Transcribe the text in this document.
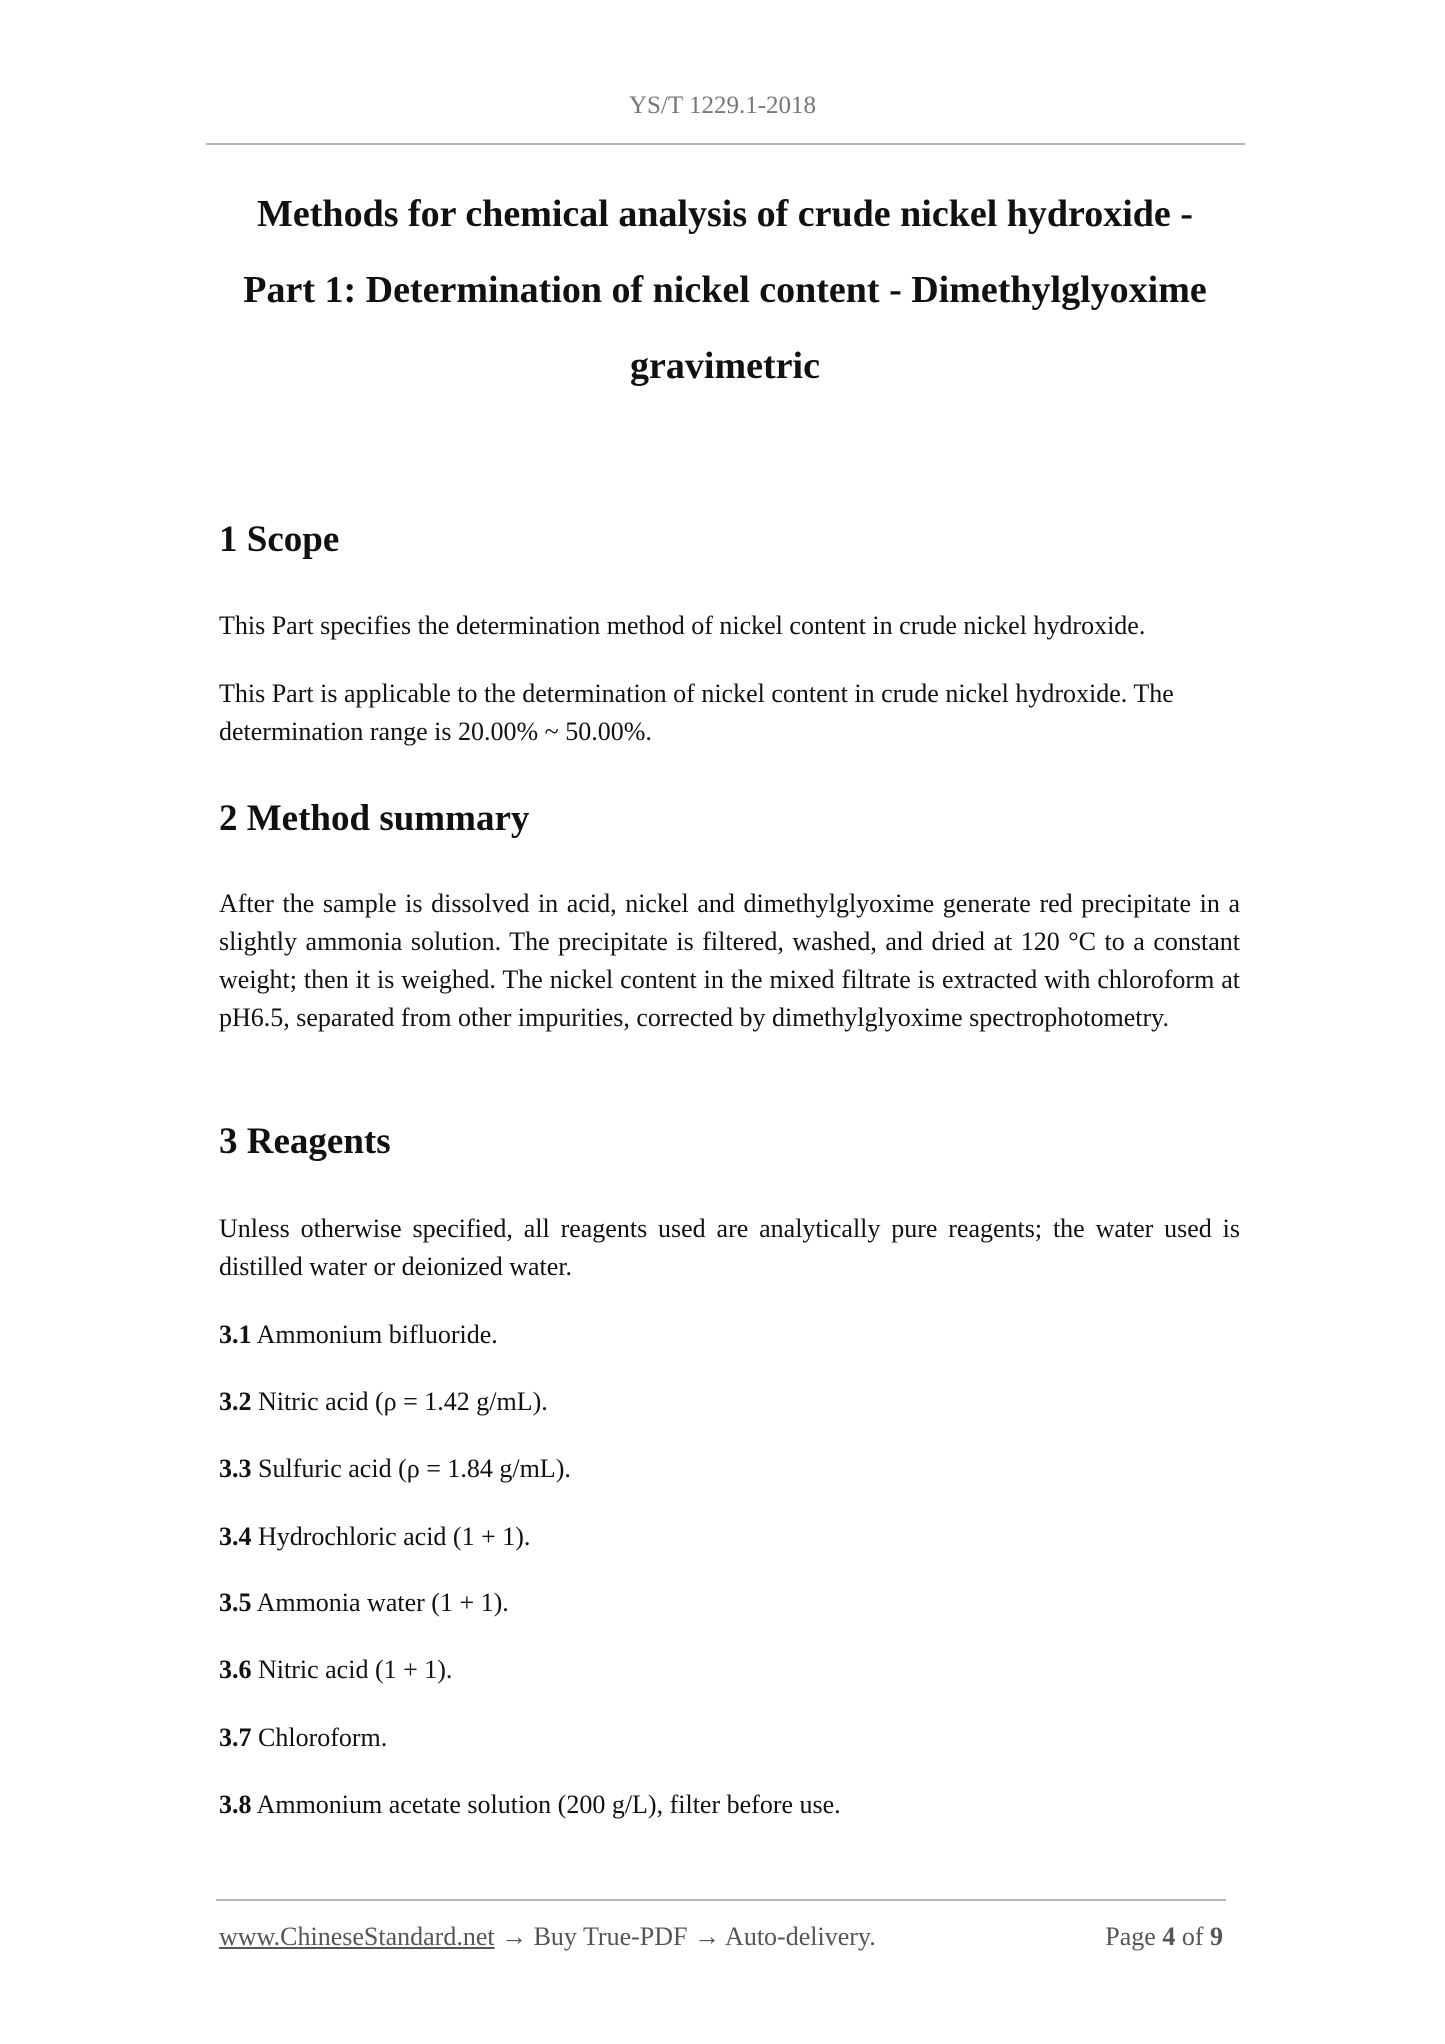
YS/T 1229.1-2018
Methods for chemical analysis of crude nickel hydroxide -
Part 1: Determination of nickel content - Dimethylglyoxime
gravimetric
1 Scope
This Part specifies the determination method of nickel content in crude nickel hydroxide.
This Part is applicable to the determination of nickel content in crude nickel hydroxide. The determination range is 20.00% ~ 50.00%.
2 Method summary
After the sample is dissolved in acid, nickel and dimethylglyoxime generate red precipitate in a slightly ammonia solution. The precipitate is filtered, washed, and dried at 120 °C to a constant weight; then it is weighed. The nickel content in the mixed filtrate is extracted with chloroform at pH6.5, separated from other impurities, corrected by dimethylglyoxime spectrophotometry.
3 Reagents
Unless otherwise specified, all reagents used are analytically pure reagents; the water used is distilled water or deionized water.
3.1 Ammonium bifluoride.
3.2 Nitric acid (ρ = 1.42 g/mL).
3.3 Sulfuric acid (ρ = 1.84 g/mL).
3.4 Hydrochloric acid (1 + 1).
3.5 Ammonia water (1 + 1).
3.6 Nitric acid (1 + 1).
3.7 Chloroform.
3.8 Ammonium acetate solution (200 g/L), filter before use.
www.ChineseStandard.net → Buy True-PDF → Auto-delivery.	Page 4 of 9
